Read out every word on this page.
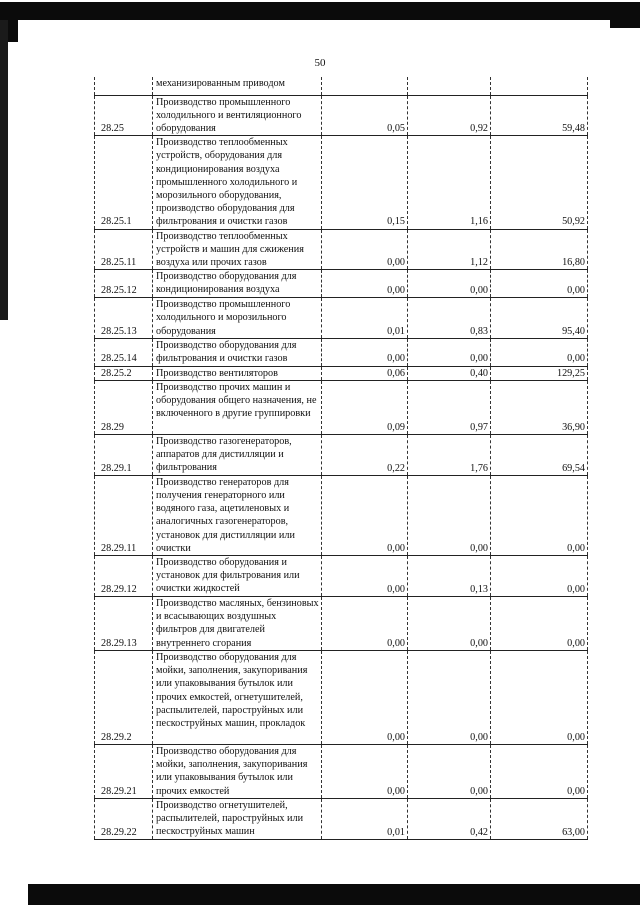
50

	механизированным приводом			

28.25	Производство промышленного холодильного и вентиляционного оборудования	0,05	0,92	59,48
28.25.1	Производство теплообменных устройств, оборудования для кондиционирования воздуха промышленного холодильного и морозильного оборудования, производство оборудования для фильтрования и очистки газов	0,15	1,16	50,92
28.25.11	Производство теплообменных устройств и машин для сжижения воздуха или прочих газов	0,00	1,12	16,80
28.25.12	Производство оборудования для кондиционирования воздуха	0,00	0,00	0,00
28.25.13	Производство промышленного холодильного и морозильного оборудования	0,01	0,83	95,40
28.25.14	Производство оборудования для фильтрования и очистки газов	0,00	0,00	0,00
28.25.2	Производство вентиляторов	0,06	0,40	129,25
28.29	Производство прочих машин и оборудования общего назначения, не включенного в другие группировки	0,09	0,97	36,90
28.29.1	Производство газогенераторов, аппаратов для дистилляции и фильтрования	0,22	1,76	69,54
28.29.11	Производство генераторов для получения генераторного или водяного газа, ацетиленовых и аналогичных газогенераторов, установок для дистилляции или очистки	0,00	0,00	0,00
28.29.12	Производство оборудования и установок для фильтрования или очистки жидкостей	0,00	0,13	0,00
28.29.13	Производство масляных, бензиновых и всасывающих воздушных фильтров для двигателей внутреннего сгорания	0,00	0,00	0,00
28.29.2	Производство оборудования для мойки, заполнения, закупоривания или упаковывания бутылок или прочих емкостей, огнетушителей, распылителей, пароструйных или пескоструйных машин, прокладок	0,00	0,00	0,00
28.29.21	Производство оборудования для мойки, заполнения, закупоривания или упаковывания бутылок или прочих емкостей	0,00	0,00	0,00
28.29.22	Производство огнетушителей, распылителей, пароструйных или пескоструйных машин	0,01	0,42	63,00
